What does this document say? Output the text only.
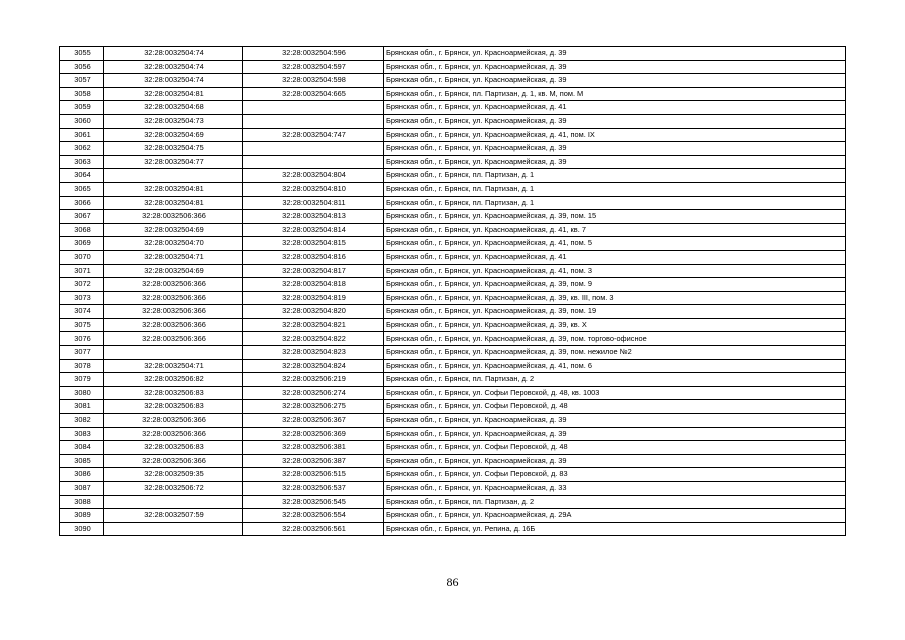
3055	32:28:0032504:74	32:28:0032504:596	Брянская обл., г. Брянск, ул. Красноармейская, д. 39
3056	32:28:0032504:74	32:28:0032504:597	Брянская обл., г. Брянск, ул. Красноармейская, д. 39
3057	32:28:0032504:74	32:28:0032504:598	Брянская обл., г. Брянск, ул. Красноармейская, д. 39
3058	32:28:0032504:81	32:28:0032504:665	Брянская обл., г. Брянск, пл. Партизан, д. 1, кв. М, пом. М
3059	32:28:0032504:68		Брянская обл., г. Брянск, ул. Красноармейская, д. 41
3060	32:28:0032504:73		Брянская обл., г. Брянск, ул. Красноармейская, д. 39
3061	32:28:0032504:69	32:28:0032504:747	Брянская обл., г. Брянск, ул. Красноармейская, д. 41, пом. IX
3062	32:28:0032504:75		Брянская обл., г. Брянск, ул. Красноармейская, д. 39
3063	32:28:0032504:77		Брянская обл., г. Брянск, ул. Красноармейская, д. 39
3064		32:28:0032504:804	Брянская обл., г. Брянск, пл. Партизан, д. 1
3065	32:28:0032504:81	32:28:0032504:810	Брянская обл., г. Брянск, пл. Партизан, д. 1
3066	32:28:0032504:81	32:28:0032504:811	Брянская обл., г. Брянск, пл. Партизан, д. 1
3067	32:28:0032506:366	32:28:0032504:813	Брянская обл., г. Брянск, ул. Красноармейская, д. 39, пом. 15
3068	32:28:0032504:69	32:28:0032504:814	Брянская обл., г. Брянск, ул. Красноармейская, д. 41, кв. 7
3069	32:28:0032504:70	32:28:0032504:815	Брянская обл., г. Брянск, ул. Красноармейская, д. 41, пом. 5
3070	32:28:0032504:71	32:28:0032504:816	Брянская обл., г. Брянск, ул. Красноармейская, д. 41
3071	32:28:0032504:69	32:28:0032504:817	Брянская обл., г. Брянск, ул. Красноармейская, д. 41, пом. 3
3072	32:28:0032506:366	32:28:0032504:818	Брянская обл., г. Брянск, ул. Красноармейская, д. 39, пом. 9
3073	32:28:0032506:366	32:28:0032504:819	Брянская обл., г. Брянск, ул. Красноармейская, д. 39, кв. III, пом. 3
3074	32:28:0032506:366	32:28:0032504:820	Брянская обл., г. Брянск, ул. Красноармейская, д. 39, пом. 19
3075	32:28:0032506:366	32:28:0032504:821	Брянская обл., г. Брянск, ул. Красноармейская, д. 39, кв. X
3076	32:28:0032506:366	32:28:0032504:822	Брянская обл., г. Брянск, ул. Красноармейская, д. 39, пом. торгово-офисное
3077		32:28:0032504:823	Брянская обл., г. Брянск, ул. Красноармейская, д. 39, пом. нежилое №2
3078	32:28:0032504:71	32:28:0032504:824	Брянская обл., г. Брянск, ул. Красноармейская, д. 41, пом. 6
3079	32:28:0032506:82	32:28:0032506:219	Брянская обл., г. Брянск, пл. Партизан, д. 2
3080	32:28:0032506:83	32:28:0032506:274	Брянская обл., г. Брянск, ул. Софьи Перовской, д. 48, кв. 1003
3081	32:28:0032506:83	32:28:0032506:275	Брянская обл., г. Брянск, ул. Софьи Перовской, д. 48
3082	32:28:0032506:366	32:28:0032506:367	Брянская обл., г. Брянск, ул. Красноармейская, д. 39
3083	32:28:0032506:366	32:28:0032506:369	Брянская обл., г. Брянск, ул. Красноармейская, д. 39
3084	32:28:0032506:83	32:28:0032506:381	Брянская обл., г. Брянск, ул. Софьи Перовской, д. 48
3085	32:28:0032506:366	32:28:0032506:387	Брянская обл., г. Брянск, ул. Красноармейская, д. 39
3086	32:28:0032509:35	32:28:0032506:515	Брянская обл., г. Брянск, ул. Софьи Перовской, д. 83
3087	32:28:0032506:72	32:28:0032506:537	Брянская обл., г. Брянск, ул. Красноармейская, д. 33
3088		32:28:0032506:545	Брянская обл., г. Брянск, пл. Партизан, д. 2
3089	32:28:0032507:59	32:28:0032506:554	Брянская обл., г. Брянск, ул. Красноармейская, д. 29А
3090		32:28:0032506:561	Брянская обл., г. Брянск, ул. Репина, д. 16Б
86
